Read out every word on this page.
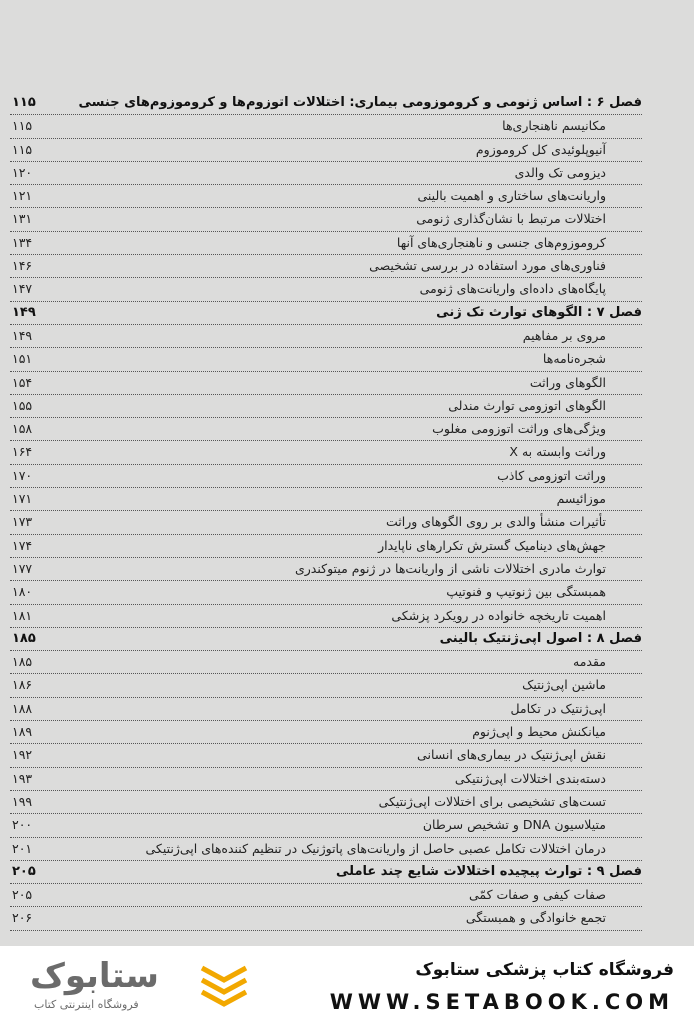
فصل ۶ : اساس ژنومی و کروموزومی بیماری: اختلالات اتوزوم‌ها و کروموزوم‌های جنسی
۱۱۵
مکانیسم ناهنجاری‌ها
۱۱۵
آنیوپلوئیدی کل کروموزوم
۱۱۵
دیزومی تک والدی
۱۲۰
واریانت‌های ساختاری و اهمیت بالینی
۱۲۱
اختلالات مرتبط با نشان‌گذاری ژنومی
۱۳۱
کروموزوم‌های جنسی و ناهنجاری‌های آنها
۱۳۴
فناوری‌های مورد استفاده در بررسی تشخیصی
۱۴۶
پایگاه‌های داده‌ای واریانت‌های ژنومی
۱۴۷
فصل ۷ : الگوهای توارث تک ژنی
۱۴۹
مروی بر مفاهیم
۱۴۹
شجره‌نامه‌ها
۱۵۱
الگوهای وراثت
۱۵۴
الگوهای اتوزومی توارث مندلی
۱۵۵
ویژگی‌های وراثت اتوزومی مغلوب
۱۵۸
وراثت وابسته به X
۱۶۴
وراثت اتوزومی کاذب
۱۷۰
موزائیسم
۱۷۱
تأثیرات منشأ والدی بر روی الگوهای وراثت
۱۷۳
جهش‌های دینامیک گسترش تکرارهای ناپایدار
۱۷۴
توارث مادری اختلالات ناشی از واریانت‌ها در ژنوم میتوکندری
۱۷۷
همبستگی بین ژنوتیپ و فنوتیپ
۱۸۰
اهمیت تاریخچه خانواده در رویکرد پزشکی
۱۸۱
فصل ۸ : اصول اپی‌ژنتیک بالینی
۱۸۵
مقدمه
۱۸۵
ماشین اپی‌ژنتیک
۱۸۶
اپی‌ژنتیک در تکامل
۱۸۸
میانکنش محیط و اپی‌ژنوم
۱۸۹
نقش اپی‌ژنتیک در بیماری‌های انسانی
۱۹۲
دسته‌بندی اختلالات اپی‌ژنتیکی
۱۹۳
تست‌های تشخیصی برای اختلالات اپی‌ژنتیکی
۱۹۹
متیلاسیون DNA و تشخیص سرطان
۲۰۰
درمان اختلالات تکامل عصبی حاصل از واریانت‌های پاتوژنیک در تنظیم کننده‌های اپی‌ژنتیکی
۲۰۱
فصل ۹ : توارث پیچیده اختلالات شایع چند عاملی
۲۰۵
صفات کیفی و صفات کمّی
۲۰۵
تجمع خانوادگی و همبستگی
۲۰۶
ستابوک
فروشگاه اینترنتی کتاب
فروشگاه کتاب پزشکی ستابوک
WWW.SETABOOK.COM
